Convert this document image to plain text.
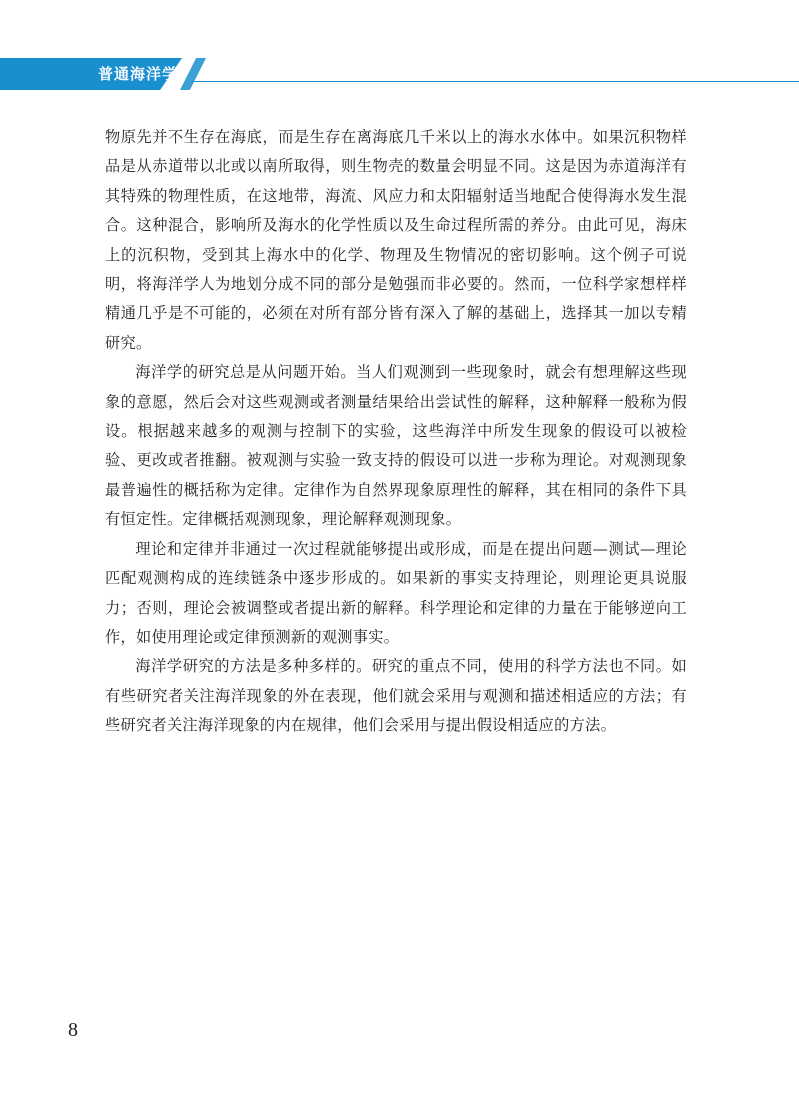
普通海洋学

物原先并不生存在海底，而是生存在离海底几千米以上的海水水体中。如果沉积物样品是从赤道带以北或以南所取得，则生物壳的数量会明显不同。这是因为赤道海洋有其特殊的物理性质，在这地带，海流、风应力和太阳辐射适当地配合使得海水发生混合。这种混合，影响所及海水的化学性质以及生命过程所需的养分。由此可见，海床上的沉积物，受到其上海水中的化学、物理及生物情况的密切影响。这个例子可说明，将海洋学人为地划分成不同的部分是勉强而非必要的。然而，一位科学家想样样精通几乎是不可能的，必须在对所有部分皆有深入了解的基础上，选择其一加以专精研究。

海洋学的研究总是从问题开始。当人们观测到一些现象时，就会有想理解这些现象的意愿，然后会对这些观测或者测量结果给出尝试性的解释，这种解释一般称为假设。根据越来越多的观测与控制下的实验，这些海洋中所发生现象的假设可以被检验、更改或者推翻。被观测与实验一致支持的假设可以进一步称为理论。对观测现象最普遍性的概括称为定律。定律作为自然界现象原理性的解释，其在相同的条件下具有恒定性。定律概括观测现象，理论解释观测现象。

理论和定律并非通过一次过程就能够提出或形成，而是在提出问题—测试—理论匹配观测构成的连续链条中逐步形成的。如果新的事实支持理论，则理论更具说服力；否则，理论会被调整或者提出新的解释。科学理论和定律的力量在于能够逆向工作，如使用理论或定律预测新的观测事实。

海洋学研究的方法是多种多样的。研究的重点不同，使用的科学方法也不同。如有些研究者关注海洋现象的外在表现，他们就会采用与观测和描述相适应的方法；有些研究者关注海洋现象的内在规律，他们会采用与提出假设相适应的方法。

8
